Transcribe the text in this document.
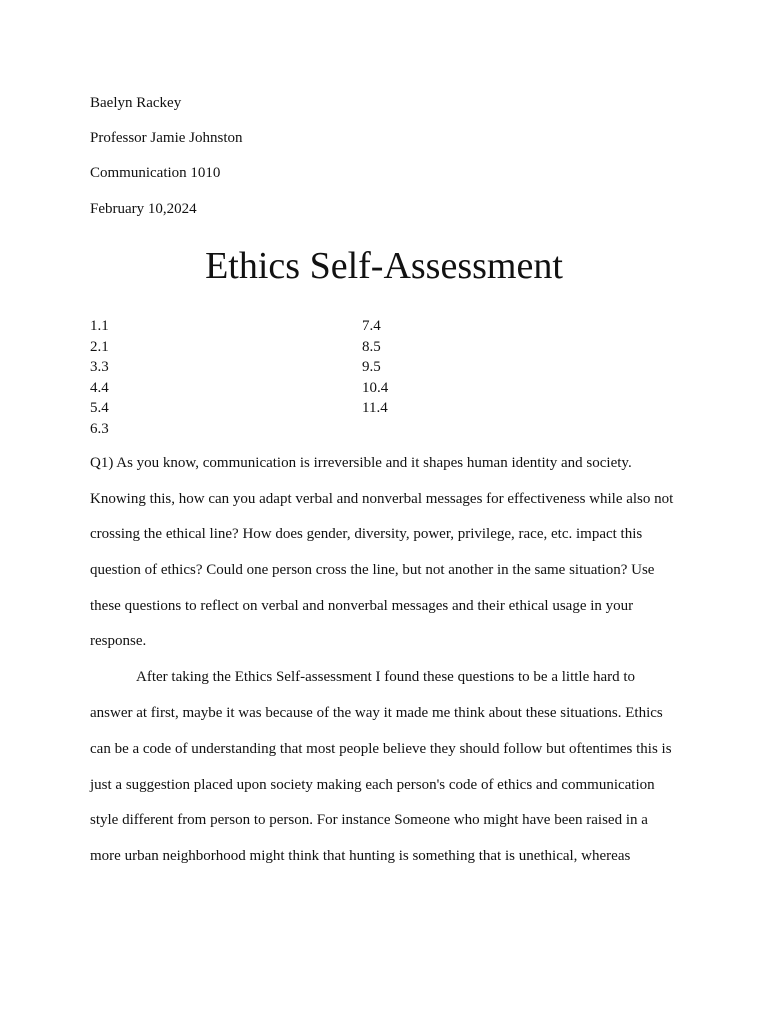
Baelyn Rackey
Professor Jamie Johnston
Communication 1010
February 10,2024
Ethics Self-Assessment
1.1
2.1
3.3
4.4
5.4
6.3
7.4
8.5
9.5
10.4
11.4
Q1) As you know, communication is irreversible and it shapes human identity and society.
Knowing this, how can you adapt verbal and nonverbal messages for effectiveness while also not
crossing the ethical line? How does gender, diversity, power, privilege, race, etc. impact this
question of ethics? Could one person cross the line, but not another in the same situation? Use
these questions to reflect on verbal and nonverbal messages and their ethical usage in your
response.
After taking the Ethics Self-assessment I found these questions to be a little hard to
answer at first, maybe it was because of the way it made me think about these situations. Ethics
can be a code of understanding that most people believe they should follow but oftentimes this is
just a suggestion placed upon society making each person's code of ethics and communication
style different from person to person. For instance Someone who might have been raised in a
more urban neighborhood might think that hunting is something that is unethical, whereas
